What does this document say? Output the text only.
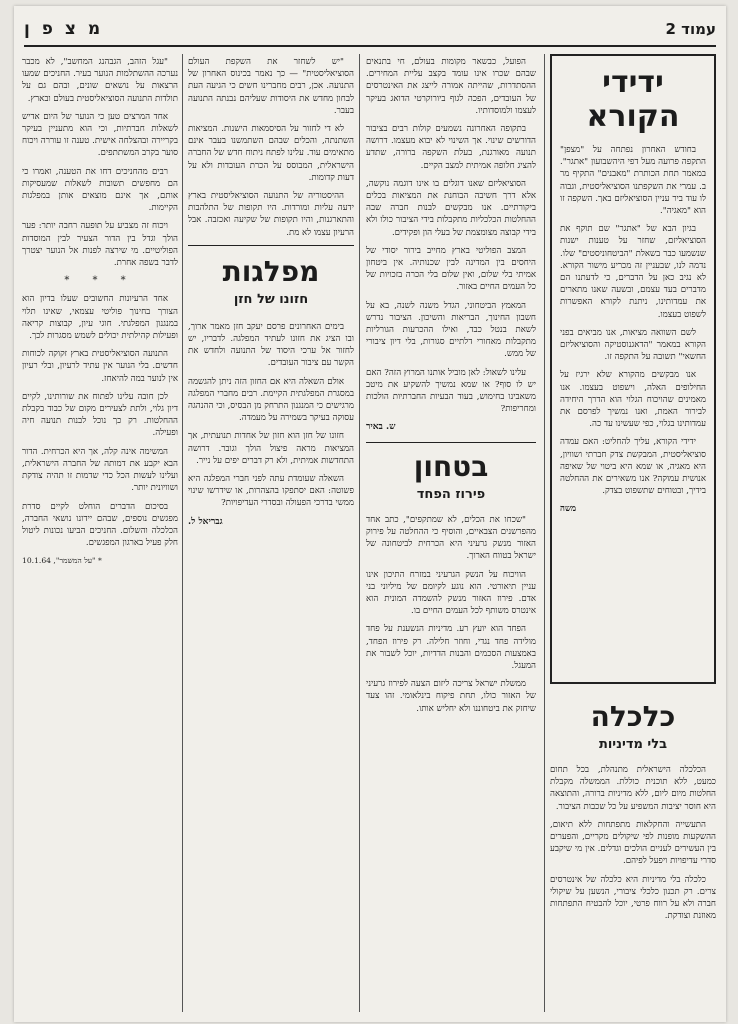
עמוד 2
מ צ פ ן
ידידי הקורא

בחודש האחרון נפתחה על "מצפן" התקפה פרועה מעל דפי היהשבועון "אתגר". במאמר תחת הכותרת "מאבנים" התקיף מר ב. עמרי את השקפתנו הסוציאליסטית, וגבוה לו עוד ביר עניין הסוציאליזם באך. השקפה זו הוא "מאגיה".

בגיון הבא של "אתגר" שם תוקף את הסוציאליזם, שחזר על טענות ישנות שנשמעו כבר בשאלת "הביטחוניסטים" שלו. נדמה לנו, שבעניין זה מכריע מישור הקורא. לא נגיב כאן על הדברים, כי לדעתנו הם מדברים בעד עצמם, ובשעה שאנו מתארים את עמדותינו, ניתנת לקורא האפשרות לשפוט בעצמו.

לשם השוואה מציאות, אנו מביאים בפני הקורא במאמר "הדאגנוסטיקה והסוציאליזם החשאי" תשובה על התקפה זו.

אנו מבקשים מהקורא שלא ירגיז על החילופים האלה, וישפוט בעצמו. אנו מאמינים שהויכוח הגלוי הוא הדרך היחידה לבירור האמת, ואנו נמשיך לפרסם את עמדותינו בגלוי, כפי שעשינו עד כה.

ידידי הקורא, עליך להחליט: האם עמדה סוציאליסטית, המבקשת צדק חברתי ושוויון, היא מאגיה, או שמא היא ביטוי של שאיפה אנושית עמוקה? אנו משאירים את ההחלטה בידיך, ובטוחים שתשפוט בצדק.

משה
כלכלה
בלי מדיניות

הכלכלה הישראלית מתנהלת, בכל תחום כמעט, ללא תוכנית כוללת. הממשלה מקבלת החלטות מיום ליום, ללא מדיניות ברורה, והתוצאה היא חוסר יציבות המשפיע על כל שכבות הציבור.

התעשייה והחקלאות מתפתחות ללא תיאום, ההשקעות מופנות לפי שיקולים מקריים, והפערים בין העשירים לעניים הולכים וגדלים. אין מי שיקבע סדרי עדיפויות ויפעל לפיהם.

כלכלה בלי מדיניות היא כלכלה של אינטרסים צרים. רק תכנון כלכלי ציבורי, הנשען על שיקולי חברה ולא על רווח פרטי, יוכל להבטיח התפתחות מאוזנת וצודקת.

הפועל, כבשאר מקומות בעולם, חי בתנאים שבהם שכרו אינו עומד בקצב עליית המחירים. ההסתדרות, שהייתה אמורה לייצג את האינטרסים של העובדים, הפכה לגוף ביורוקרטי הדואג בעיקר לעצמו ולמוסדותיו.

בתקופה האחרונה נשמעים קולות רבים בציבור הדורשים שינוי. אך השינוי לא יבוא מעצמו. דרושה תנועה מאורגנת, בעלת השקפה ברורה, שתדע להציג חלופה אמיתית למצב הקיים.

הסוציאליזם שאנו דוגלים בו אינו דוגמה נוקשה, אלא דרך חשיבה הבוחנת את המציאות בכלים ביקורתיים. אנו מבקשים לבנות חברה שבה ההחלטות הכלכליות מתקבלות בידי הציבור כולו ולא בידי קבוצה מצומצמת של בעלי הון ופקידים.

המצב הפוליטי בארץ מחייב בירור יסודי של היחסים בין המדינה לבין שכנותיה. אין ביטחון אמיתי בלי שלום, ואין שלום בלי הכרה בזכויות של כל העמים החיים באזור.

המאמץ הביטחוני, הגדל משנה לשנה, בא על חשבון החינוך, הבריאות והשיכון. הציבור נדרש לשאת בנטל כבד, ואילו ההכרעות הגורליות מתקבלות מאחורי דלתיים סגורות, בלי דיון ציבורי של ממש.

עלינו לשאול: לאן מוביל אותנו המרוץ הזה? האם יש לו סוף? או שמא נמשיך להשקיע את מיטב משאבינו בחימוש, בעוד הבעיות החברתיות הולכות ומחריפות?

ש. באיר
בטחון
פירוז הפחד

"שכחו את הכלים, לא שמתקפים", כתב אחד מהפרשנים הצבאיים, והוסיף כי ההחלטה על פירוק האזור מנשק גרעיני היא הכרחית לביטחונה של ישראל בטווח הארוך.

הוויכוח על הנשק הגרעיני במזרח התיכון אינו עניין תיאורטי. הוא נוגע לקיומם של מיליוני בני אדם. פירוז האזור מנשק להשמדה המונית הוא אינטרס משותף לכל העמים החיים בו.

הפחד הוא יועץ רע. מדיניות הנשענת על פחד מולידה פחד נגדי, וחוזר חלילה. רק פירוז הפחד, באמצעות הסכמים והבנות הדדיות, יוכל לשבור את המעגל.

ממשלת ישראל צריכה ליזום הצעה לפירוז גרעיני של האזור כולו, תחת פיקוח בינלאומי. זהו צעד שיחזק את ביטחוננו ולא יחליש אותו.

"יש לשחזר את השקפת העולם הסוציאליסטית" — כך נאמר בכינוס האחרון של התנועה. אכן, רבים מחברינו חשים כי הגיעה העת לבחון מחדש את היסודות שעליהם נבנתה התנועה בעבר.

לא די לחזור על הסיסמאות הישנות. המציאות השתנתה, והכלים שבהם השתמשנו בעבר אינם מתאימים עוד. עלינו לפתח ניתוח חדש של החברה הישראלית, המבוסס על הכרת העובדות ולא על דעות קדומות.

ההיסטוריה של התנועה הסוציאליסטית בארץ ידעה עליות ומורדות. היו תקופות של התלהבות והתארגנות, והיו תקופות של שקיעה ואכזבה. אבל הרעיון עצמו לא מת.

מפלגות
חזונו של חזן

בימים האחרונים פרסם יעקב חזן מאמר ארוך, ובו הציג את חזונו לעתיד המפלגה. לדבריו, יש לחזור אל ערכי היסוד של התנועה ולחדש את הקשר עם ציבור העובדים.

אולם השאלה היא אם החזון הזה ניתן להגשמה במסגרת המפלגתית הקיימת. רבים מחברי המפלגה מרגישים כי המנגנון התרחק מן הבסיס, וכי ההנהגה עסוקה בעיקר בשמירה על מעמדה.

חזונו של חזן הוא חזון של אחדות תנועתית, אך המציאות מראה פיצול הולך וגובר. דרושה התחדשות אמיתית, ולא רק דברים יפים על נייר.

השאלה שעומדת עתה לפני חברי המפלגה היא פשוטה: האם יסתפקו בהצהרות, או שידרשו שינוי ממשי בדרכי הפעולה ובסדרי העדיפויות?

גבריאל ל.

"עגל הזהב, הגבהנג המחשב", לא מכבר נערכה ההשתלמות הנוער בעיר. החניכים שמעו הרצאות על נושאים שונים, ובהם גם על תולדות התנועה הסוציאליסטית בעולם ובארץ.

אחד המרצים טען כי הנוער של היום אדיש לשאלות חברתיות, וכי הוא מתעניין בעיקר בקריירה ובהצלחה אישית. טענה זו עוררה ויכוח סוער בקרב המשתתפים.

רבים מהחניכים דחו את הטענה, ואמרו כי הם מחפשים תשובות לשאלות שמעסיקות אותם, אך אינם מוצאים אותן במפלגות הקיימות.

ויכוח זה מצביע על תופעה רחבה יותר: פער הולך וגדל בין הדור הצעיר לבין המוסדות הפוליטיים. מי שירצה לפנות אל הנוער יצטרך לדבר בשפה אחרת.

* * *

אחד הרעיונות החשובים שעלו בדיון הוא הצורך בחינוך פוליטי עצמאי, שאינו תלוי במנגנון המפלגתי. חוגי עיון, קבוצות קריאה ופעילות קהילתית יכולים לשמש מסגרות לכך.

התנועה הסוציאליסטית בארץ זקוקה לכוחות חדשים. בלי הנוער אין עתיד לרעיון, ובלי רעיון אין לנוער במה להיאחז.

לכן חובה עלינו לפתוח את שורותינו, לקיים דיון גלוי, ולתת לצעירים מקום של כבוד בקבלת ההחלטות. רק כך נוכל לבנות תנועה חיה ופעילה.

המשימה אינה קלה, אך היא הכרחית. הדור הבא יקבע את דמותה של החברה הישראלית, ועלינו לעשות הכל כדי שדמות זו תהיה צודקת ושוויונית יותר.

בסיכום הדברים הוחלט לקיים סדרת מפגשים נוספים, שבהם יידונו נושאי החברה, הכלכלה והשלום. החניכים הביעו נכונות ליטול חלק פעיל בארגון המפגשים.

* "על המשמר", 10.1.64
